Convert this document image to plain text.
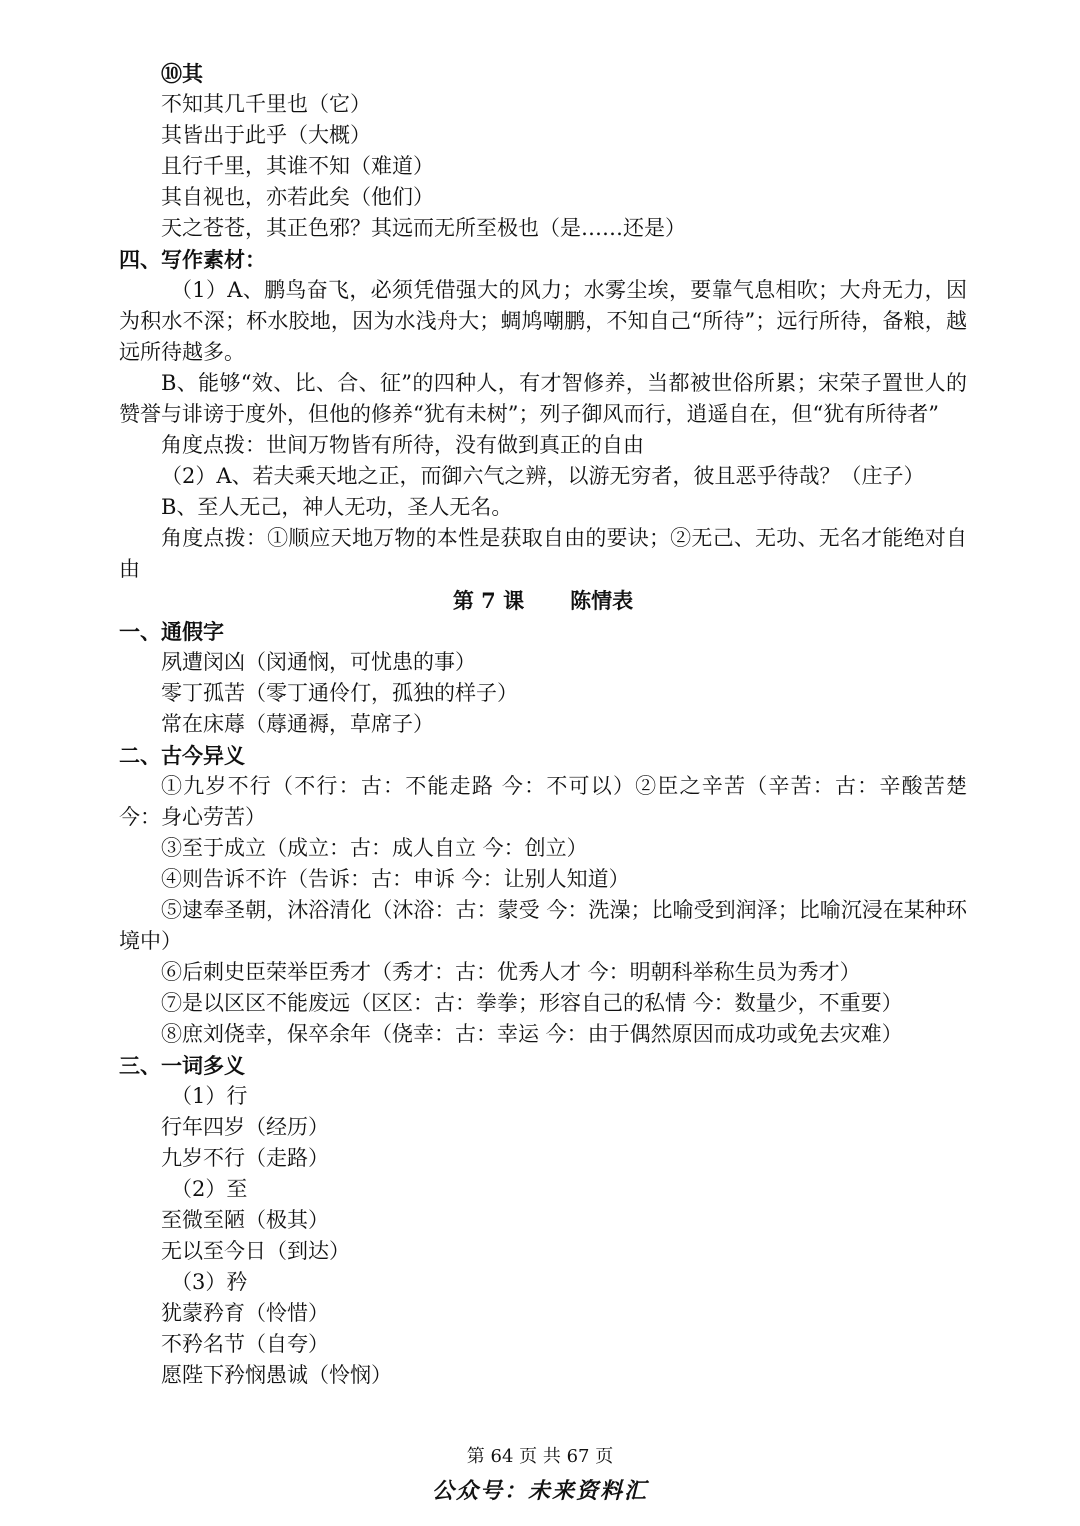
⑩其

不知其几千里也（它）

其皆出于此乎（大概）

且行千里，其谁不知（难道）

其自视也，亦若此矣（他们）

天之苍苍，其正色邪？其远而无所至极也（是……还是）

四、写作素材：

（1）A、鹏鸟奋飞，必须凭借强大的风力；水雾尘埃，要靠气息相吹；大舟无力，因为积水不深；杯水胶地，因为水浅舟大；蜩鸠嘲鹏，不知自己“所待”；远行所待，备粮，越远所待越多。

B、能够“效、比、合、征”的四种人，有才智修养，当都被世俗所累；宋荣子置世人的赞誉与诽谤于度外，但他的修养“犹有未树”；列子御风而行，逍遥自在，但“犹有所待者”

角度点拨：世间万物皆有所待，没有做到真正的自由

（2）A、若夫乘天地之正，而御六气之辨，以游无穷者，彼且恶乎待哉？（庄子）

B、至人无己，神人无功，圣人无名。

角度点拨：①顺应天地万物的本性是获取自由的要诀；②无己、无功、无名才能绝对自由

第 7 课 陈情表

一、通假字

夙遭闵凶（闵通悯，可忧患的事）

零丁孤苦（零丁通伶仃，孤独的样子）

常在床蓐（蓐通褥，草席子）

二、古今异义

①九岁不行（不行：古：不能走路 今：不可以）②臣之辛苦（辛苦：古：辛酸苦楚 今：身心劳苦）

③至于成立（成立：古：成人自立 今：创立）

④则告诉不许（告诉：古：申诉 今：让别人知道）

⑤逮奉圣朝，沐浴清化（沐浴：古：蒙受 今：洗澡；比喻受到润泽；比喻沉浸在某种环境中）

⑥后刺史臣荣举臣秀才（秀才：古：优秀人才 今：明朝科举称生员为秀才）

⑦是以区区不能废远（区区：古：拳拳；形容自己的私情 今：数量少，不重要）

⑧庶刘侥幸，保卒余年（侥幸：古：幸运 今：由于偶然原因而成功或免去灾难）

三、一词多义

（1）行

行年四岁（经历）

九岁不行（走路）

（2）至

至微至陋（极其）

无以至今日（到达）

（3）矜

犹蒙矜育（怜惜）

不矜名节（自夸）

愿陛下矜悯愚诚（怜悯）

第 64 页 共 67 页
公众号：未来资料汇
